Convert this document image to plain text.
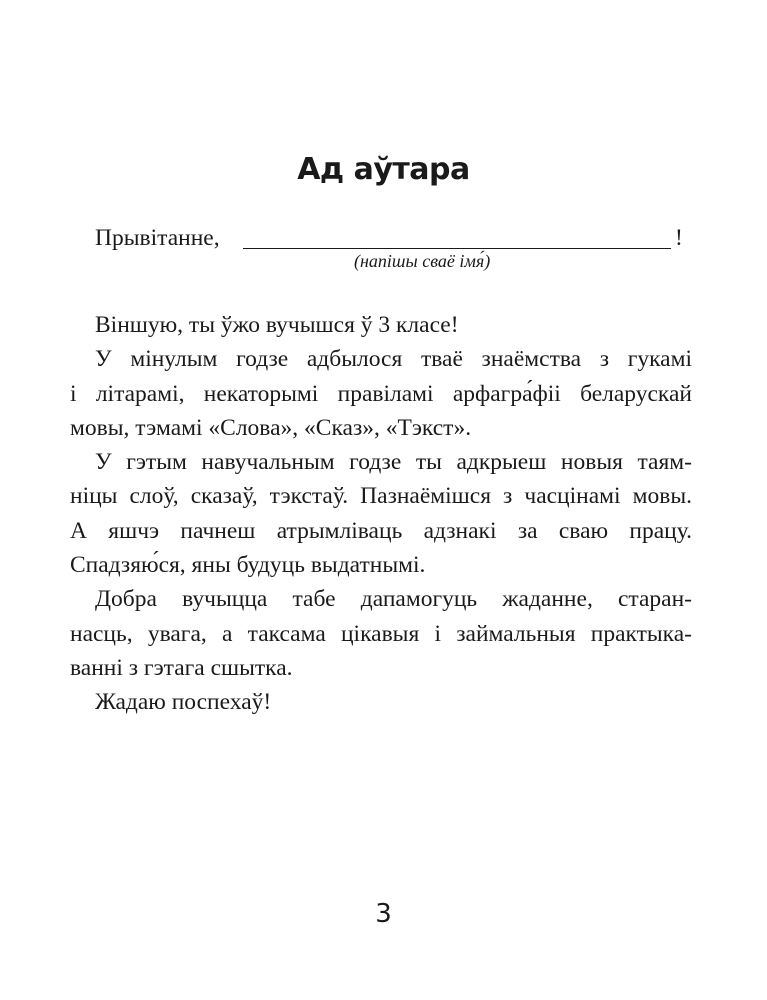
Ад аўтара
Прывітанне,	!
(напішы сваё імя́)

Віншую, ты ўжо вучышся ў 3 класе!

У мінулым годзе адбылося тваё знаёмства з гукамі
і літарамі, некаторымі правіламі арфагра́фіі беларускай
мовы, тэмамі «Слова», «Сказ», «Тэкст».

У гэтым навучальным годзе ты адкрыеш новыя таям-
ніцы слоў, сказаў, тэкстаў. Пазнаёмішся з часцінамі мовы.
А яшчэ пачнеш атрымліваць адзнакі за сваю працу.
Спадзяю́ся, яны будуць выдатнымі.

Добра вучыцца табе дапамогуць жаданне, старан-
насць, увага, а таксама цікавыя і займальныя практыка-
ванні з гэтага сшытка.

Жадаю поспехаў!

3
